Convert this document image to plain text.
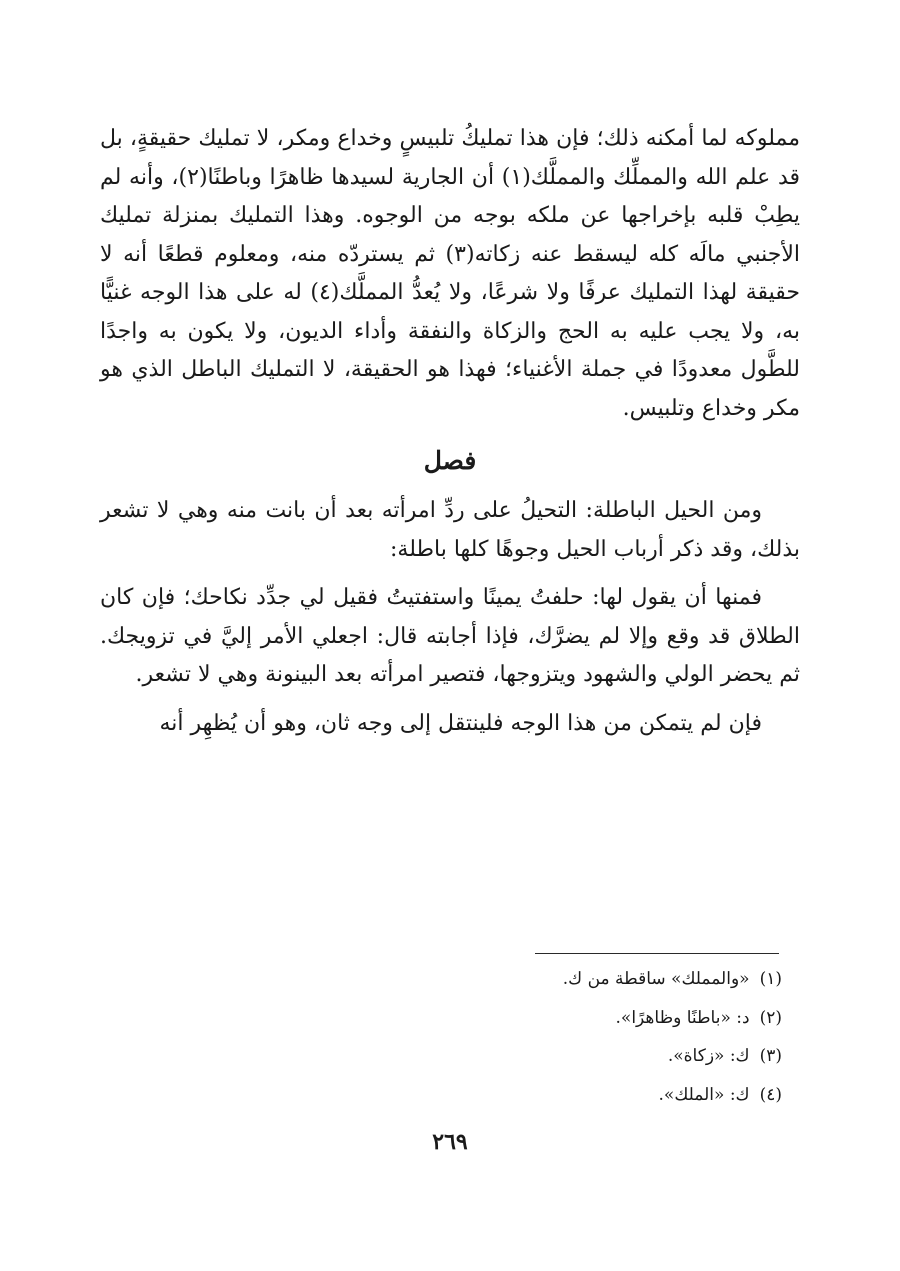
مملوكه لما أمكنه ذلك؛ فإن هذا تمليكُ تلبيسٍ وخداع ومكر، لا تمليك حقيقةٍ، بل قد علم الله والمملِّك والمملَّك(١) أن الجارية لسيدها ظاهرًا وباطنًا(٢)، وأنه لم يطِبْ قلبه بإخراجها عن ملكه بوجه من الوجوه. وهذا التمليك بمنزلة تمليك الأجنبي مالَه كله ليسقط عنه زكاته(٣) ثم يستردّه منه، ومعلوم قطعًا أنه لا حقيقة لهذا التمليك عرفًا ولا شرعًا، ولا يُعدُّ المملَّك(٤) له على هذا الوجه غنيًّا به، ولا يجب عليه به الحج والزكاة والنفقة وأداء الديون، ولا يكون به واجدًا للطَّول معدودًا في جملة الأغنياء؛ فهذا هو الحقيقة، لا التمليك الباطل الذي هو مكر وخداع وتلبيس.

فصل

ومن الحيل الباطلة: التحيلُ على ردِّ امرأته بعد أن بانت منه وهي لا تشعر بذلك، وقد ذكر أرباب الحيل وجوهًا كلها باطلة:

فمنها أن يقول لها: حلفتُ يمينًا واستفتيتُ فقيل لي جدِّد نكاحك؛ فإن كان الطلاق قد وقع وإلا لم يضرَّك، فإذا أجابته قال: اجعلي الأمر إليَّ في تزويجك. ثم يحضر الولي والشهود ويتزوجها، فتصير امرأته بعد البينونة وهي لا تشعر.

فإن لم يتمكن من هذا الوجه فلينتقل إلى وجه ثان، وهو أن يُظهِر أنه

(١)«والمملك» ساقطة من ك.
(٢)د: «باطنًا وظاهرًا».
(٣)ك: «زكاة».
(٤)ك: «الملك».
٢٦٩
